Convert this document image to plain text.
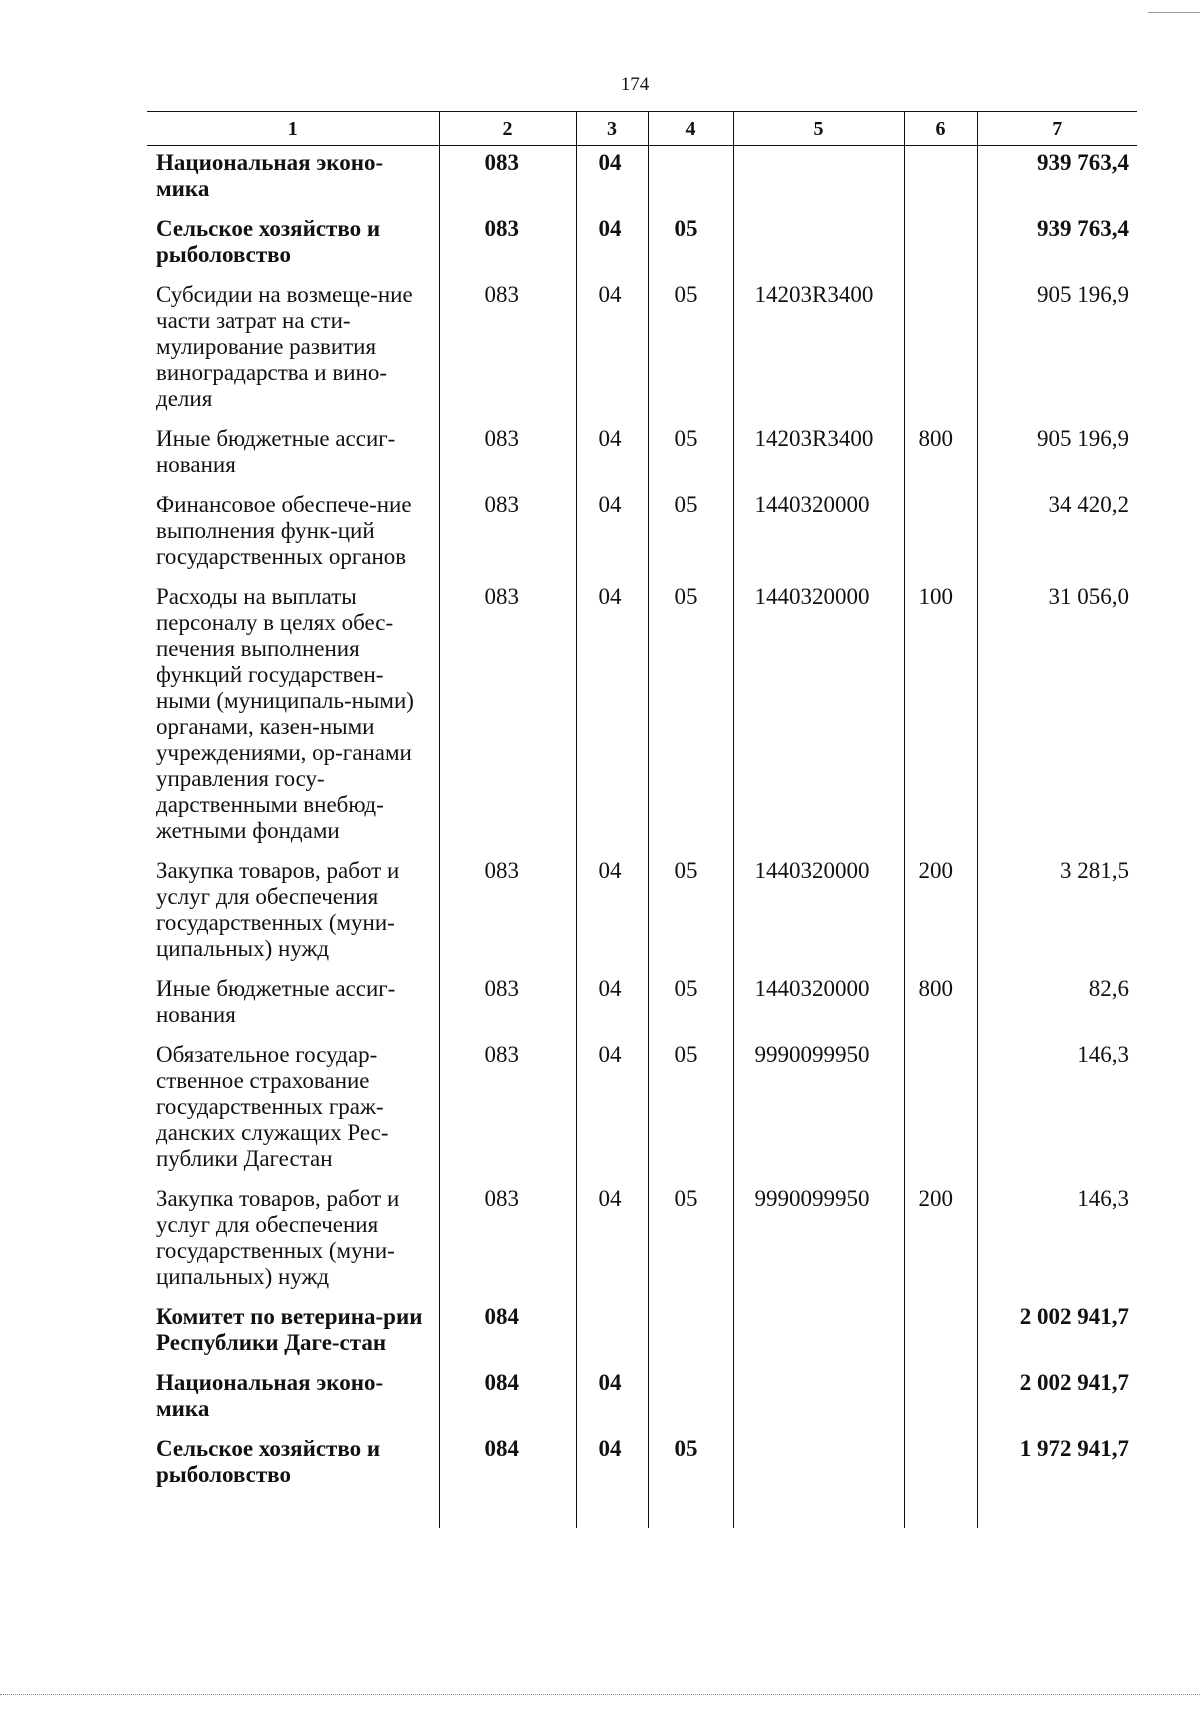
174
1	2	3	4	5	6	7
Национальная эконо-мика	083	04				939 763,4
Сельское хозяйство и рыболовство	083	04	05			939 763,4
Субсидии на возмеще-ние части затрат на сти-мулирование развития виноградарства и вино-делия	083	04	05	14203R3400		905 196,9
Иные бюджетные ассиг-нования	083	04	05	14203R3400	800	905 196,9
Финансовое обеспече-ние выполнения функ-ций государственных органов	083	04	05	1440320000		34 420,2
Расходы на выплаты персоналу в целях обес-печения выполнения функций государствен-ными (муниципаль-ными) органами, казен-ными учреждениями, ор-ганами управления госу-дарственными внебюд-жетными фондами	083	04	05	1440320000	100	31 056,0
Закупка товаров, работ и услуг для обеспечения государственных (муни-ципальных) нужд	083	04	05	1440320000	200	3 281,5
Иные бюджетные ассиг-нования	083	04	05	1440320000	800	82,6
Обязательное государ-ственное страхование государственных граж-данских служащих Рес-публики Дагестан	083	04	05	9990099950		146,3
Закупка товаров, работ и услуг для обеспечения государственных (муни-ципальных) нужд	083	04	05	9990099950	200	146,3
Комитет по ветерина-рии Республики Даге-стан	084					2 002 941,7
Национальная эконо-мика	084	04				2 002 941,7
Сельское хозяйство и рыболовство	084	04	05			1 972 941,7
